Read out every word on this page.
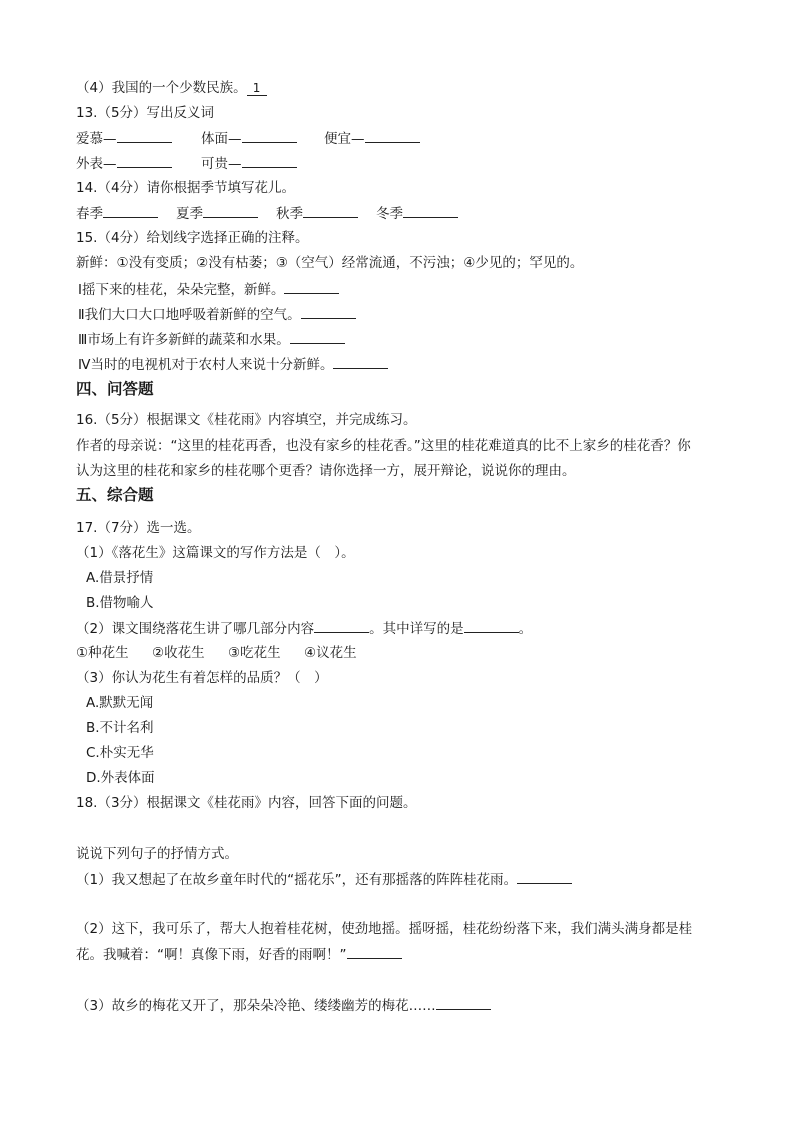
（4）我国的一个少数民族。 1
13.（5分）写出反义词
爱慕—	体面—	便宜—
外表—	可贵—
14.（4分）请你根据季节填写花儿。
春季	夏季	秋季	冬季
15.（4分）给划线字选择正确的注释。
新鲜：①没有变质；②没有枯萎；③（空气）经常流通，不污浊；④少见的；罕见的。
Ⅰ摇下来的桂花，朵朵完整，新鲜。
Ⅱ我们大口大口地呼吸着新鲜的空气。
Ⅲ市场上有许多新鲜的蔬菜和水果。
Ⅳ当时的电视机对于农村人来说十分新鲜。
四、问答题
16.（5分）根据课文《桂花雨》内容填空，并完成练习。
作者的母亲说：“这里的桂花再香，也没有家乡的桂花香。”这里的桂花难道真的比不上家乡的桂花香？你
认为这里的桂花和家乡的桂花哪个更香？请你选择一方，展开辩论，说说你的理由。
五、综合题
17.（7分）选一选。
（1）《落花生》这篇课文的写作方法是（　）。
A.借景抒情
B.借物喻人
（2）课文围绕落花生讲了哪几部分内容	。其中详写的是	。
①种花生 ②收花生 ③吃花生 ④议花生
（3）你认为花生有着怎样的品质？（　）
A.默默无闻
B.不计名利
C.朴实无华
D.外表体面
18.（3分）根据课文《桂花雨》内容，回答下面的问题。
说说下列句子的抒情方式。
（1）我又想起了在故乡童年时代的“摇花乐”，还有那摇落的阵阵桂花雨。
（2）这下，我可乐了，帮大人抱着桂花树，使劲地摇。摇呀摇，桂花纷纷落下来，我们满头满身都是桂
花。我喊着：“啊！真像下雨，好香的雨啊！”
（3）故乡的梅花又开了，那朵朵冷艳、缕缕幽芳的梅花……
